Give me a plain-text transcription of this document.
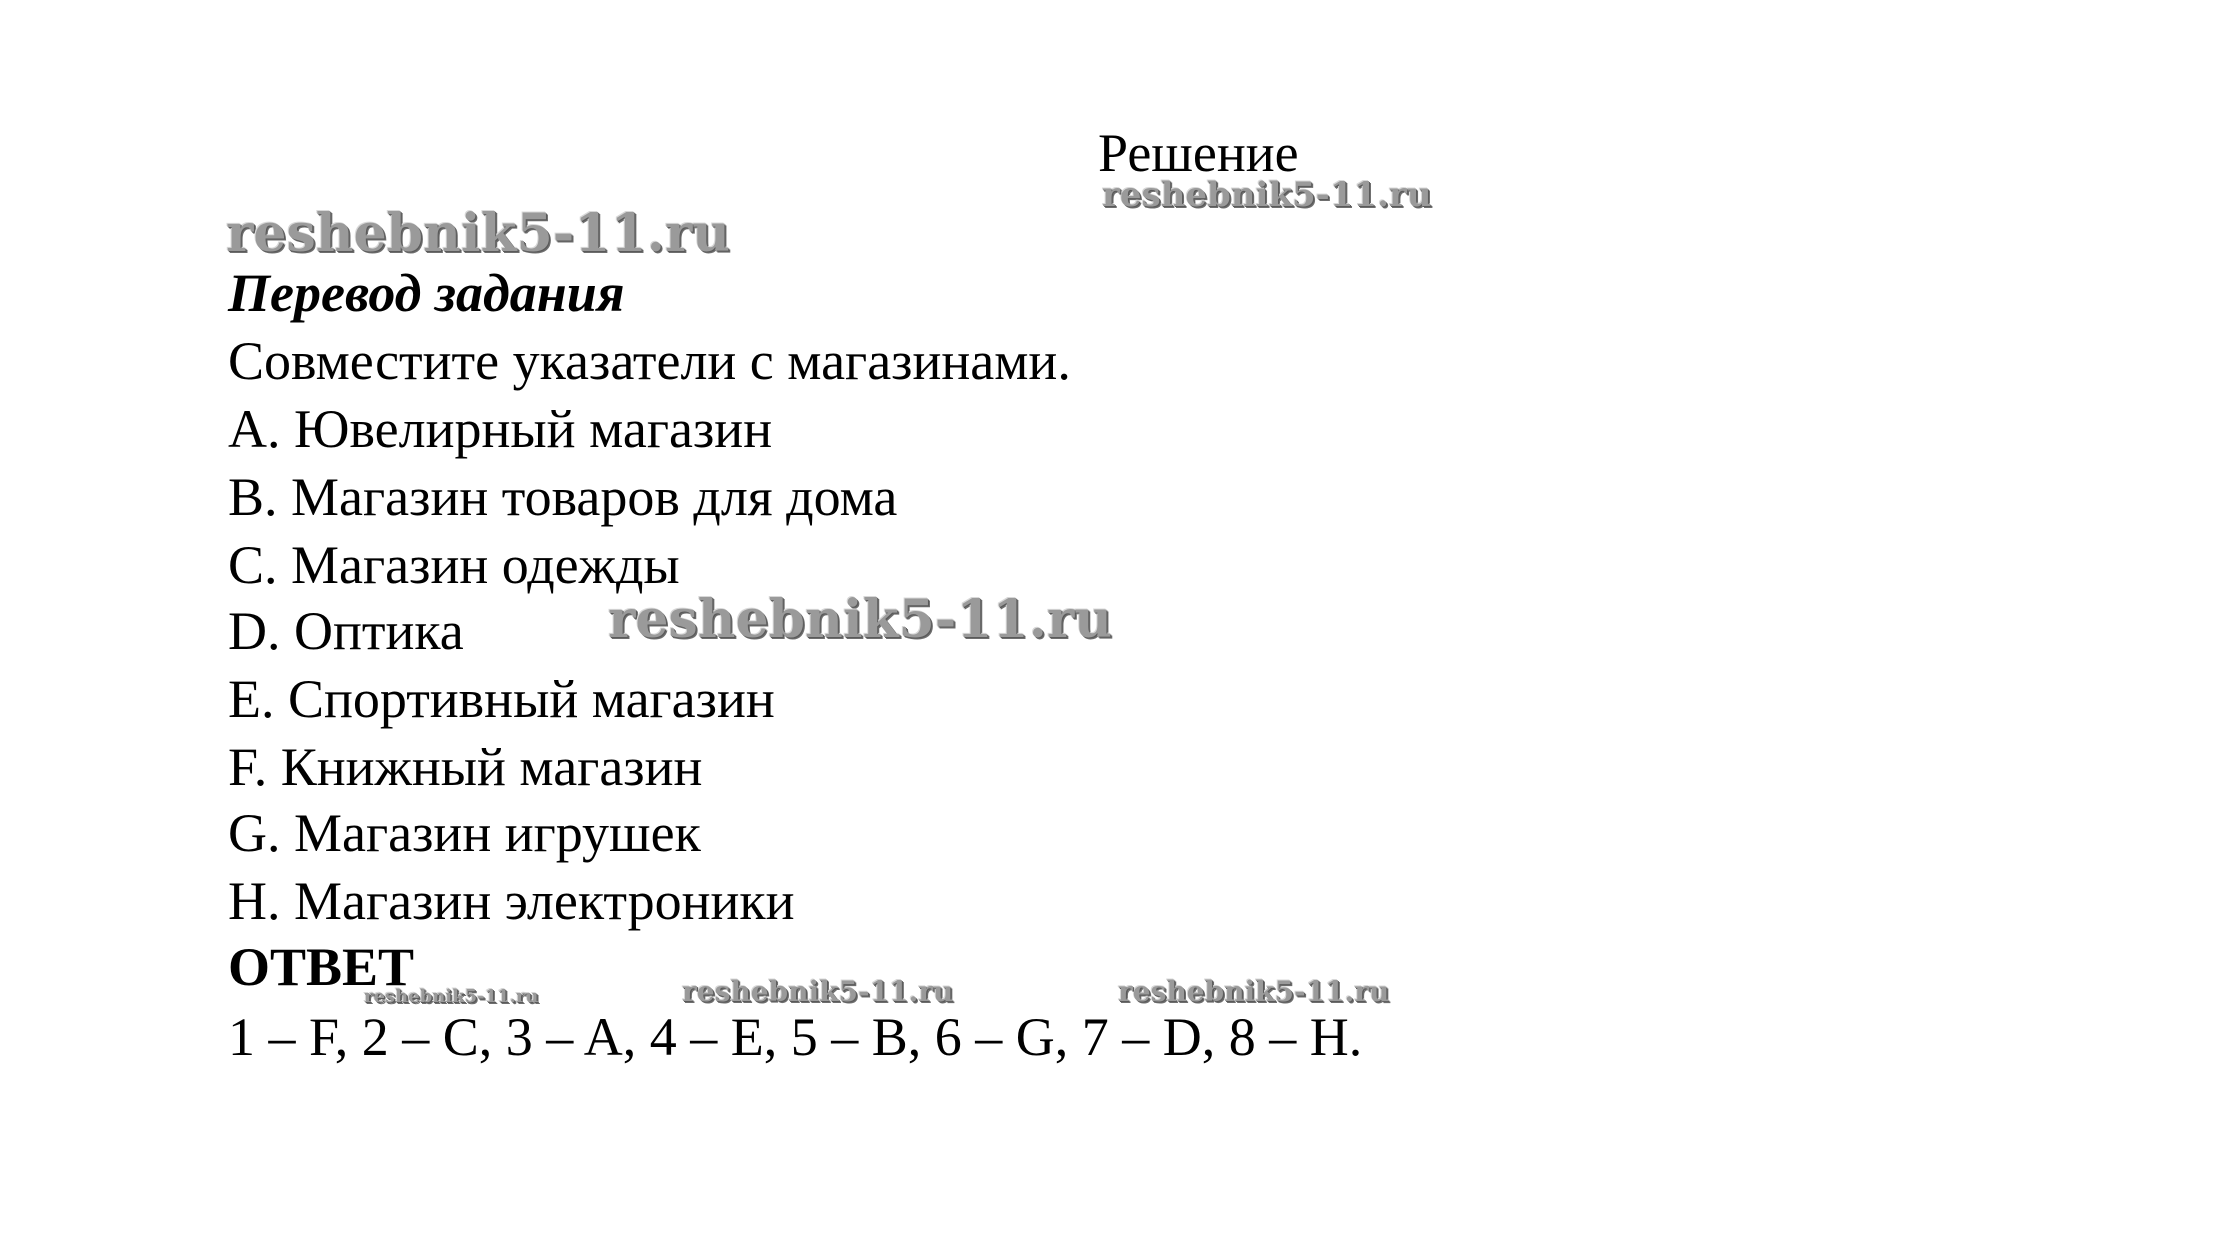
Решение
reshebnik5-11.ru
reshebnik5-11.ru
Перевод задания
Совместите указатели с магазинами.
A. Ювелирный магазин
B. Магазин товаров для дома
C. Магазин одежды
D. Оптика	reshebnik5-11.ru
E. Спортивный магазин
F. Книжный магазин
G. Магазин игрушек
H. Магазин электроники
ОТВЕТ
reshebnik5-11.ru	reshebnik5-11.ru	reshebnik5-11.ru
1 – F, 2 – C, 3 – A, 4 – E, 5 – B, 6 – G, 7 – D, 8 – H.
